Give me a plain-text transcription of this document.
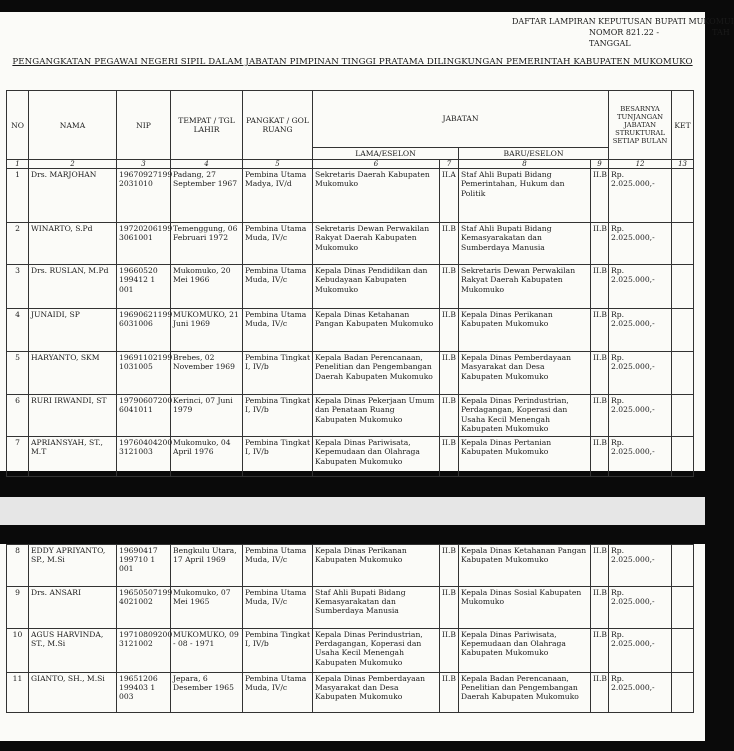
DAFTAR LAMPIRAN KEPUTUSAN BUPATI MUKOMUI
NOMOR 821.22 -	TAH
TANGGAL
PENGANGKATAN PEGAWAI NEGERI SIPIL DALAM JABATAN PIMPINAN TINGGI PRATAMA DILINGKUNGAN PEMERINTAH KABUPATEN MUKOMUKO
NO	NAMA	NIP	TEMPAT / TGL LAHIR	PANGKAT / GOL RUANG	JABATAN				BESARNYA TUNJANGAN JABATAN STRUKTURAL SETIAP BULAN	KET
					LAMA/ESELON		BARU/ESELON			
1	2	3	4	5	6	7	8	9	12	13
1	Drs. MARJOHAN	19670927199 2031010	Padang, 27 September 1967	Pembina Utama Madya, IV/d	Sekretaris Daerah Kabupaten Mukomuko	II.A	Staf Ahli Bupati Bidang Pemerintahan, Hukum dan Politik	II.B	Rp. 2.025.000,-	
2	WINARTO, S.Pd	19720206199 3061001	Temenggung, 06 Februari 1972	Pembina Utama Muda, IV/c	Sekretaris Dewan Perwakilan Rakyat Daerah Kabupaten Mukomuko	II.B	Staf Ahli Bupati Bidang Kemasyarakatan dan Sumberdaya Manusia	II.B	Rp. 2.025.000,-	
3	Drs. RUSLAN, M.Pd	19660520 199412 1 001	Mukomuko, 20 Mei 1966	Pembina Utama Muda, IV/c	Kepala Dinas Pendidikan dan Kebudayaan Kabupaten Mukomuko	II.B	Sekretaris Dewan Perwakilan Rakyat Daerah Kabupaten Mukomuko	II.B	Rp. 2.025.000,-	
4	JUNAIDI, SP	19690621199 6031006	MUKOMUKO, 21 Juni 1969	Pembina Utama Muda, IV/c	Kepala Dinas Ketahanan Pangan Kabupaten Mukomuko	II.B	Kepala Dinas Perikanan Kabupaten Mukomuko	II.B	Rp. 2.025.000,-	
5	HARYANTO, SKM	19691102199 1031005	Brebes, 02 November 1969	Pembina Tingkat I, IV/b	Kepala Badan Perencanaan, Penelitian dan Pengembangan Daerah Kabupaten Mukomuko	II.B	Kepala Dinas Pemberdayaan Masyarakat dan Desa Kabupaten Mukomuko	II.B	Rp. 2.025.000,-	
6	RURI IRWANDI, ST	19790607200 6041011	Kerinci, 07 Juni 1979	Pembina Tingkat I, IV/b	Kepala Dinas Pekerjaan Umum dan Penataan Ruang Kabupaten Mukomuko	II.B	Kepala Dinas Perindustrian, Perdagangan, Koperasi dan Usaha Kecil Menengah Kabupaten Mukomuko	II.B	Rp. 2.025.000,-	
7	APRIANSYAH, ST., M.T	19760404200 3121003	Mukomuko, 04 April 1976	Pembina Tingkat I, IV/b	Kepala Dinas Pariwisata, Kepemudaan dan Olahraga Kabupaten Mukomuko	II.B	Kepala Dinas Pertanian Kabupaten Mukomuko	II.B	Rp. 2.025.000,-	
8	EDDY APRIYANTO, SP., M.Si	19690417 199710 1 001	Bengkulu Utara, 17 April 1969	Pembina Utama Muda, IV/c	Kepala Dinas Perikanan Kabupaten Mukomuko	II.B	Kepala Dinas Ketahanan Pangan Kabupaten Mukomuko	II.B	Rp. 2.025.000,-	
9	Drs. ANSARI	19650507199 4021002	Mukomuko, 07 Mei 1965	Pembina Utama Muda, IV/c	Staf Ahli Bupati Bidang Kemasyarakatan dan Sumberdaya Manusia	II.B	Kepala Dinas Sosial Kabupaten Mukomuko	II.B	Rp. 2.025.000,-	
10	AGUS HARVINDA, ST., M.Si	19710809200 3121002	MUKOMUKO, 09 - 08 - 1971	Pembina Tingkat I, IV/b	Kepala Dinas Perindustrian, Perdagangan, Koperasi dan Usaha Kecil Menengah Kabupaten Mukomuko	II.B	Kepala Dinas Pariwisata, Kepemudaan dan Olahraga Kabupaten Mukomuko	II.B	Rp. 2.025.000,-	
11	GIANTO, SH., M.Si	19651206 199403 1 003	Jepara, 6 Desember 1965	Pembina Utama Muda, IV/c	Kepala Dinas Pemberdayaan Masyarakat dan Desa Kabupaten Mukomuko	II.B	Kepala Badan Perencanaan, Penelitian dan Pengembangan Daerah Kabupaten Mukomuko	II.B	Rp. 2.025.000,-	
